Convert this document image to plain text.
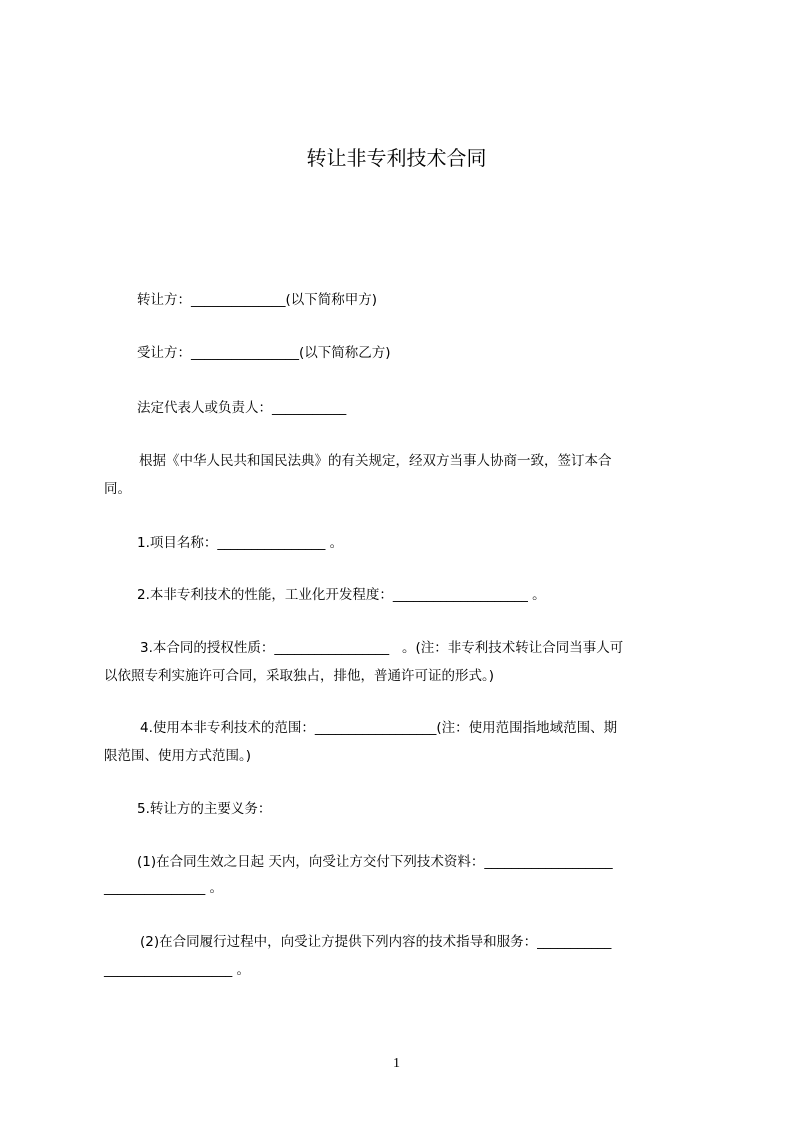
转让非专利技术合同
转让方：______________(以下简称甲方)
受让方：________________(以下简称乙方)
法定代表人或负责人：___________
根据《中华人民共和国民法典》的有关规定，经双方当事人协商一致，签订本合
同。
1.项目名称：________________ 。
2.本非专利技术的性能，工业化开发程度：____________________ 。
3.本合同的授权性质：_________________   。(注：非专利技术转让合同当事人可
以依照专利实施许可合同，采取独占，排他，普通许可证的形式。)
4.使用本非专利技术的范围：__________________(注：使用范围指地域范围、期
限范围、使用方式范围。)
5.转让方的主要义务：
(1)在合同生效之日起 天内，向受让方交付下列技术资料：___________________
_______________ 。
(2)在合同履行过程中，向受让方提供下列内容的技术指导和服务：___________
___________________ 。
1
